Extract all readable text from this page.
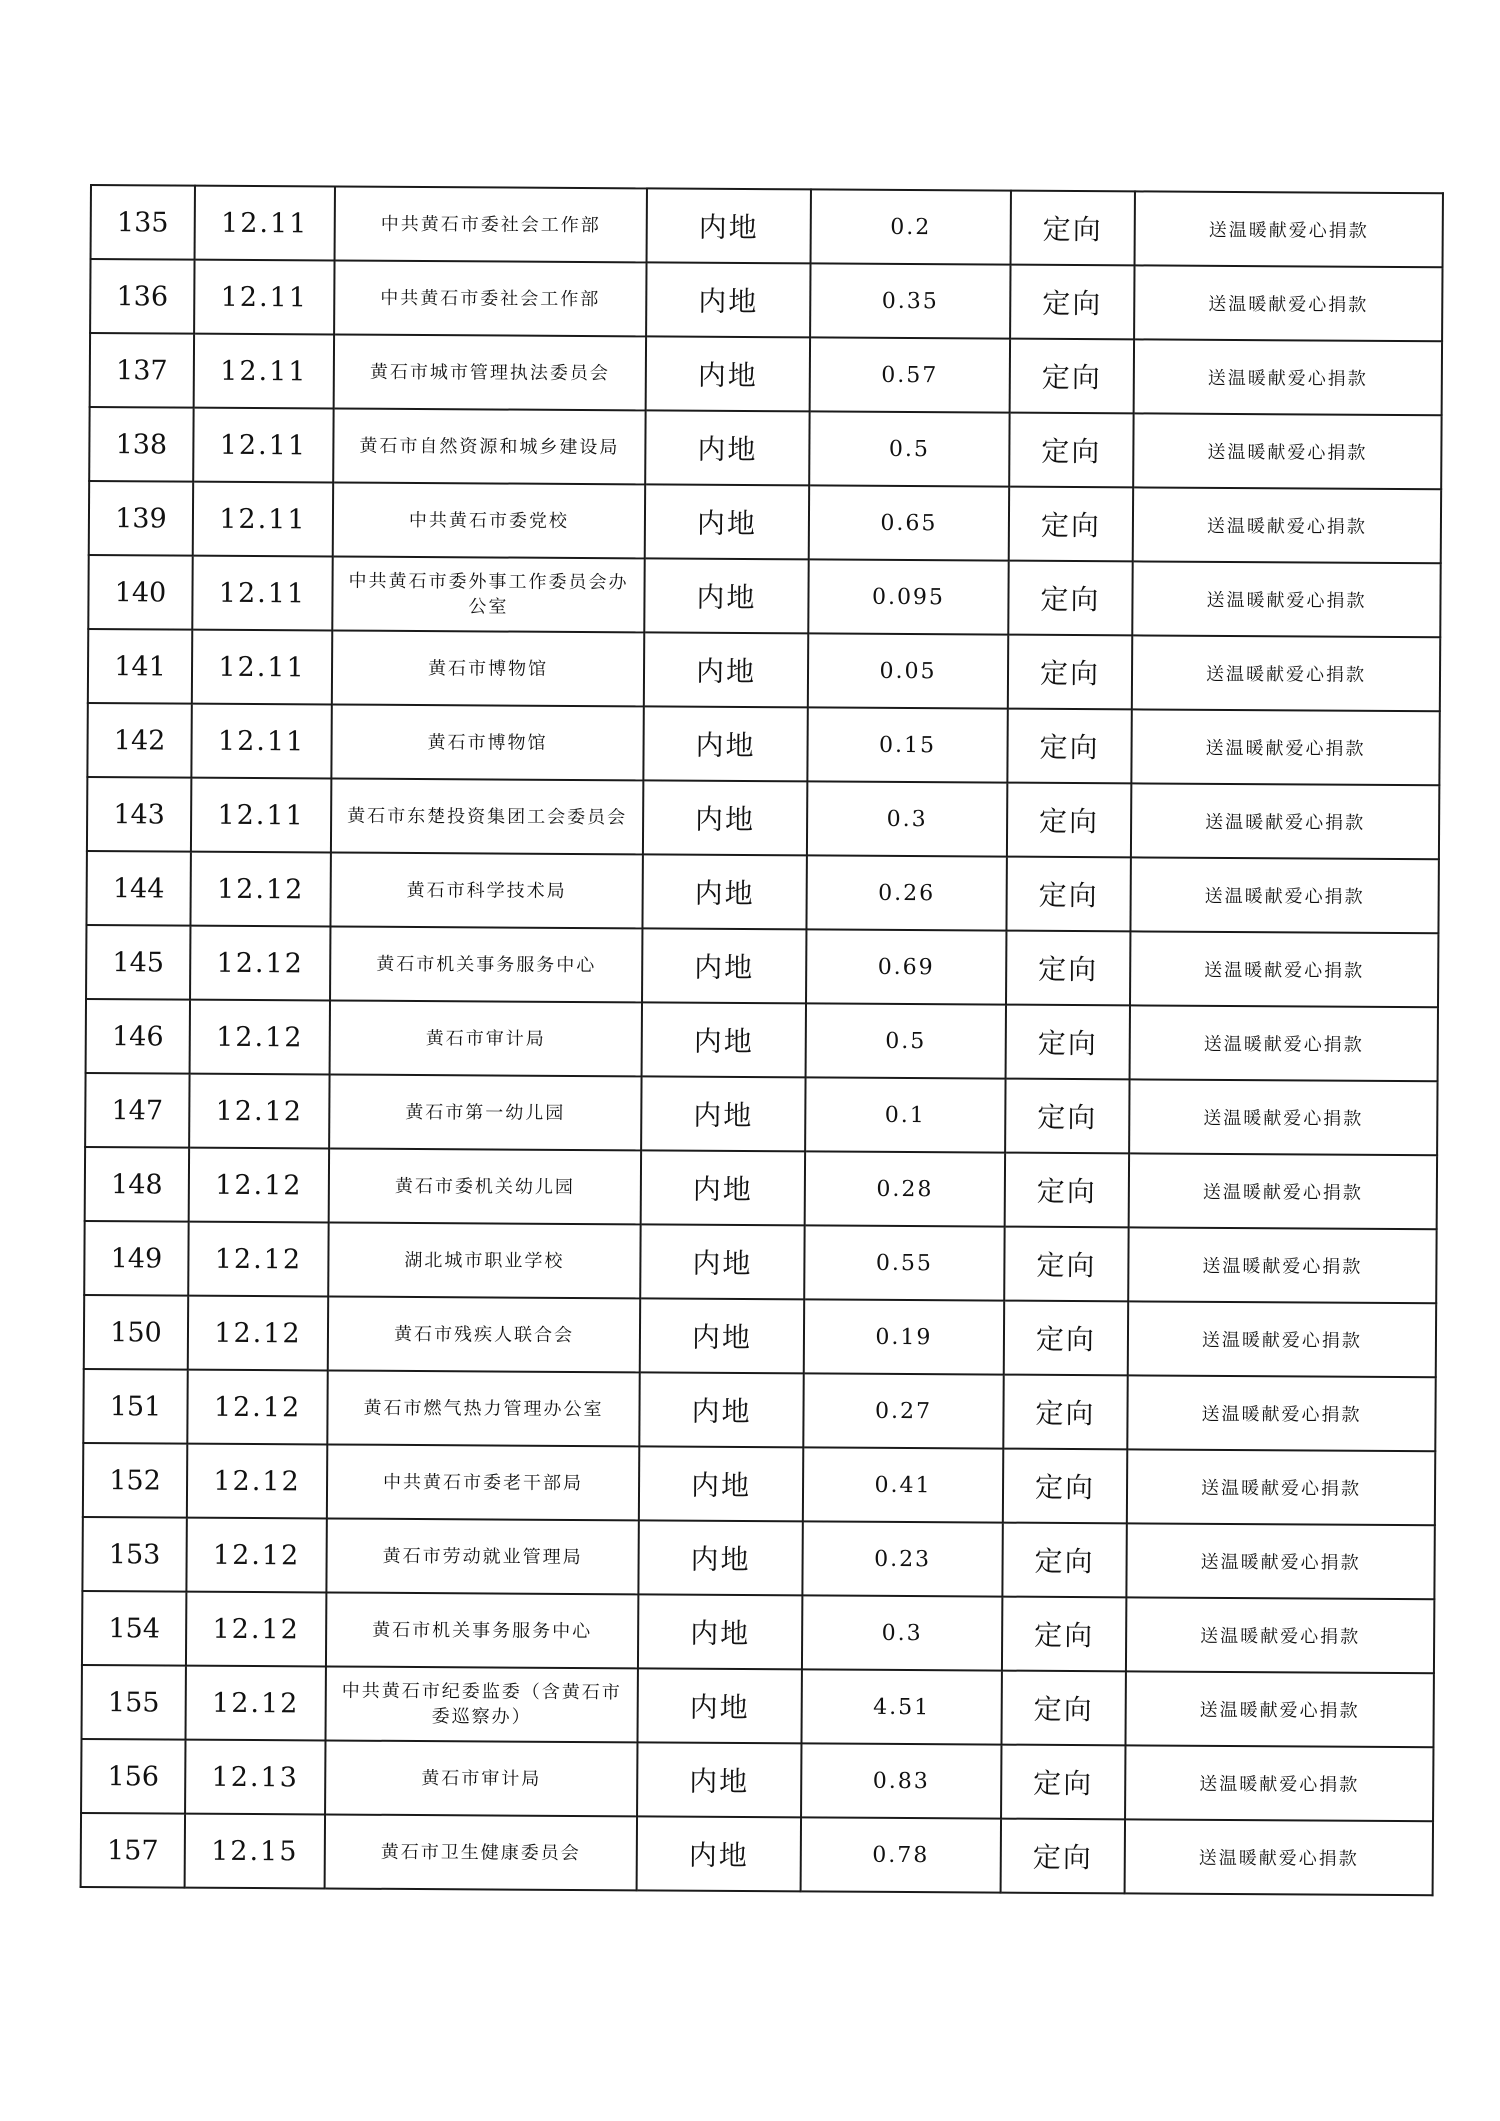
135	12.11	中共黄石市委社会工作部	内地	0.2	定向	送温暖献爱心捐款
136	12.11	中共黄石市委社会工作部	内地	0.35	定向	送温暖献爱心捐款
137	12.11	黄石市城市管理执法委员会	内地	0.57	定向	送温暖献爱心捐款
138	12.11	黄石市自然资源和城乡建设局	内地	0.5	定向	送温暖献爱心捐款
139	12.11	中共黄石市委党校	内地	0.65	定向	送温暖献爱心捐款
140	12.11	中共黄石市委外事工作委员会办公室	内地	0.095	定向	送温暖献爱心捐款
141	12.11	黄石市博物馆	内地	0.05	定向	送温暖献爱心捐款
142	12.11	黄石市博物馆	内地	0.15	定向	送温暖献爱心捐款
143	12.11	黄石市东楚投资集团工会委员会	内地	0.3	定向	送温暖献爱心捐款
144	12.12	黄石市科学技术局	内地	0.26	定向	送温暖献爱心捐款
145	12.12	黄石市机关事务服务中心	内地	0.69	定向	送温暖献爱心捐款
146	12.12	黄石市审计局	内地	0.5	定向	送温暖献爱心捐款
147	12.12	黄石市第一幼儿园	内地	0.1	定向	送温暖献爱心捐款
148	12.12	黄石市委机关幼儿园	内地	0.28	定向	送温暖献爱心捐款
149	12.12	湖北城市职业学校	内地	0.55	定向	送温暖献爱心捐款
150	12.12	黄石市残疾人联合会	内地	0.19	定向	送温暖献爱心捐款
151	12.12	黄石市燃气热力管理办公室	内地	0.27	定向	送温暖献爱心捐款
152	12.12	中共黄石市委老干部局	内地	0.41	定向	送温暖献爱心捐款
153	12.12	黄石市劳动就业管理局	内地	0.23	定向	送温暖献爱心捐款
154	12.12	黄石市机关事务服务中心	内地	0.3	定向	送温暖献爱心捐款
155	12.12	中共黄石市纪委监委（含黄石市委巡察办）	内地	4.51	定向	送温暖献爱心捐款
156	12.13	黄石市审计局	内地	0.83	定向	送温暖献爱心捐款
157	12.15	黄石市卫生健康委员会	内地	0.78	定向	送温暖献爱心捐款
